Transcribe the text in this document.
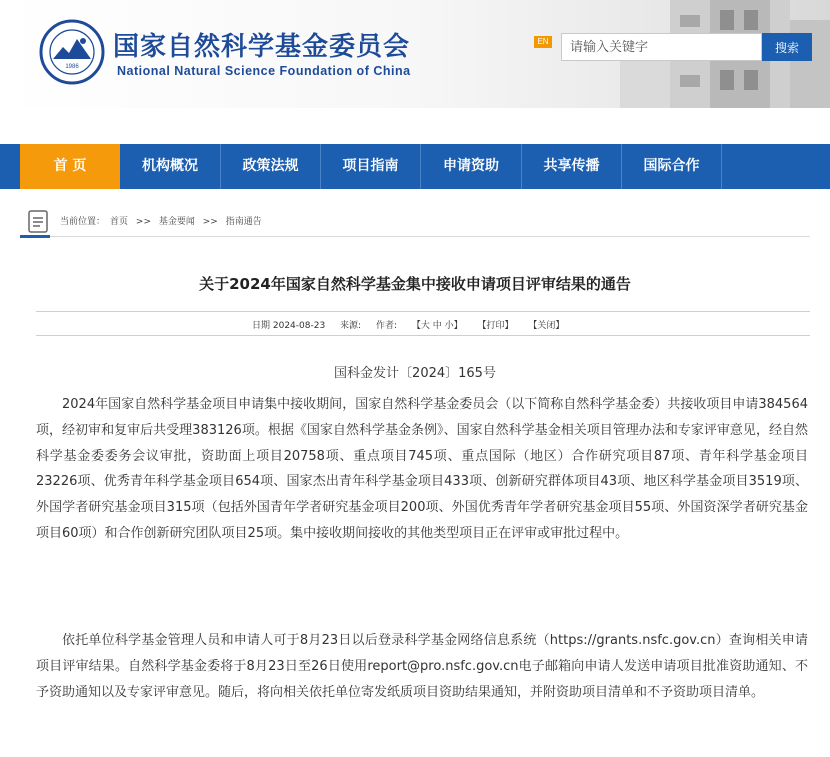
1986
国家自然科学基金委员会
National Natural Science Foundation of China
EN
请输入关键字	搜索
首 页	机构概况	政策法规	项目指南	申请资助	共享传播	国际合作
当前位置： 首页 >> 基金要闻 >> 指南通告
关于2024年国家自然科学基金集中接收申请项目评审结果的通告
日期 2024-08-23 来源: 作者: 【大 中 小】 【打印】 【关闭】
国科金发计〔2024〕165号

2024年国家自然科学基金项目申请集中接收期间，国家自然科学基金委员会（以下简称自然科学基金委）共接收项目申请384564项，经初审和复审后共受理383126项。根据《国家自然科学基金条例》、国家自然科学基金相关项目管理办法和专家评审意见，经自然科学基金委委务会议审批，资助面上项目20758项、重点项目745项、重点国际（地区）合作研究项目87项、青年科学基金项目23226项、优秀青年科学基金项目654项、国家杰出青年科学基金项目433项、创新研究群体项目43项、地区科学基金项目3519项、外国学者研究基金项目315项（包括外国青年学者研究基金项目200项、外国优秀青年学者研究基金项目55项、外国资深学者研究基金项目60项）和合作创新研究团队项目25项。集中接收期间接收的其他类型项目正在评审或审批过程中。

依托单位科学基金管理人员和申请人可于8月23日以后登录科学基金网络信息系统（https://grants.nsfc.gov.cn）查询相关申请项目评审结果。自然科学基金委将于8月23日至26日使用report@pro.nsfc.gov.cn电子邮箱向申请人发送申请项目批准资助通知、不予资助通知以及专家评审意见。随后，将向相关依托单位寄发纸质项目资助结果通知，并附资助项目清单和不予资助项目清单。
